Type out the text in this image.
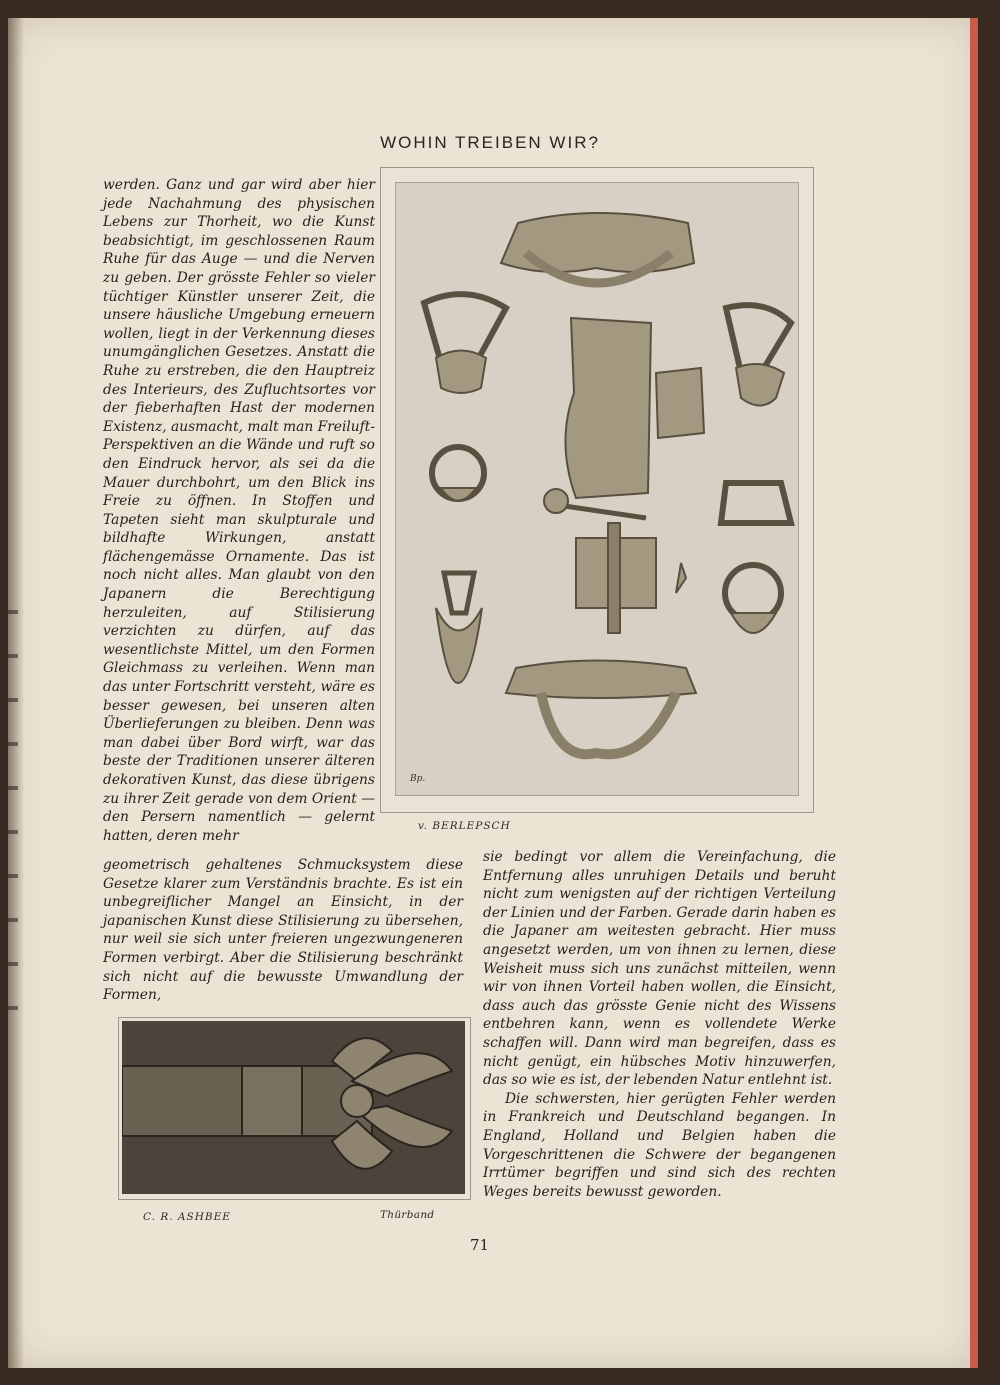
WOHIN TREIBEN WIR?

werden. Ganz und gar wird aber hier jede Nachahmung des physischen Lebens zur Thorheit, wo die Kunst beabsichtigt, im geschlossenen Raum Ruhe für das Auge — und die Nerven zu geben. Der grösste Fehler so vieler tüchtiger Künstler unserer Zeit, die unsere häusliche Umgebung erneuern wollen, liegt in der Verkennung dieses unumgänglichen Gesetzes. Anstatt die Ruhe zu erstreben, die den Hauptreiz des Interieurs, des Zufluchtsortes vor der fieberhaften Hast der modernen Existenz, ausmacht, malt man Freiluft-Perspektiven an die Wände und ruft so den Eindruck hervor, als sei da die Mauer durchbohrt, um den Blick ins Freie zu öffnen. In Stoffen und Tapeten sieht man skulpturale und bildhafte Wirkungen, anstatt flächengemässe Ornamente. Das ist noch nicht alles. Man glaubt von den Japanern die Berechtigung herzuleiten, auf Stilisierung verzichten zu dürfen, auf das wesentlichste Mittel, um den Formen Gleichmass zu verleihen. Wenn man das unter Fortschritt versteht, wäre es besser gewesen, bei unseren alten Überlieferungen zu bleiben. Denn was man dabei über Bord wirft, war das beste der Traditionen unserer älteren dekorativen Kunst, das diese übrigens zu ihrer Zeit gerade von dem Orient — den Persern namentlich — gelernt hatten, deren mehr

Bp.
v. BERLEPSCH

geometrisch gehaltenes Schmucksystem diese Gesetze klarer zum Verständnis brachte. Es ist ein unbegreiflicher Mangel an Einsicht, in der japanischen Kunst diese Stilisierung zu übersehen, nur weil sie sich unter freieren ungezwungeneren Formen verbirgt. Aber die Stilisierung beschränkt sich nicht auf die bewusste Umwandlung der Formen,

C. R. ASHBEE	Thürband

sie bedingt vor allem die Vereinfachung, die Entfernung alles unruhigen Details und beruht nicht zum wenigsten auf der richtigen Verteilung der Linien und der Farben. Gerade darin haben es die Japaner am weitesten gebracht. Hier muss angesetzt werden, um von ihnen zu lernen, diese Weisheit muss sich uns zunächst mitteilen, wenn wir von ihnen Vorteil haben wollen, die Einsicht, dass auch das grösste Genie nicht des Wissens entbehren kann, wenn es vollendete Werke schaffen will. Dann wird man begreifen, dass es nicht genügt, ein hübsches Motiv hinzuwerfen, das so wie es ist, der lebenden Natur entlehnt ist.

Die schwersten, hier gerügten Fehler werden in Frankreich und Deutschland begangen. In England, Holland und Belgien haben die Vorgeschrittenen die Schwere der begangenen Irrtümer begriffen und sind sich des rechten Weges bereits bewusst geworden.

71
